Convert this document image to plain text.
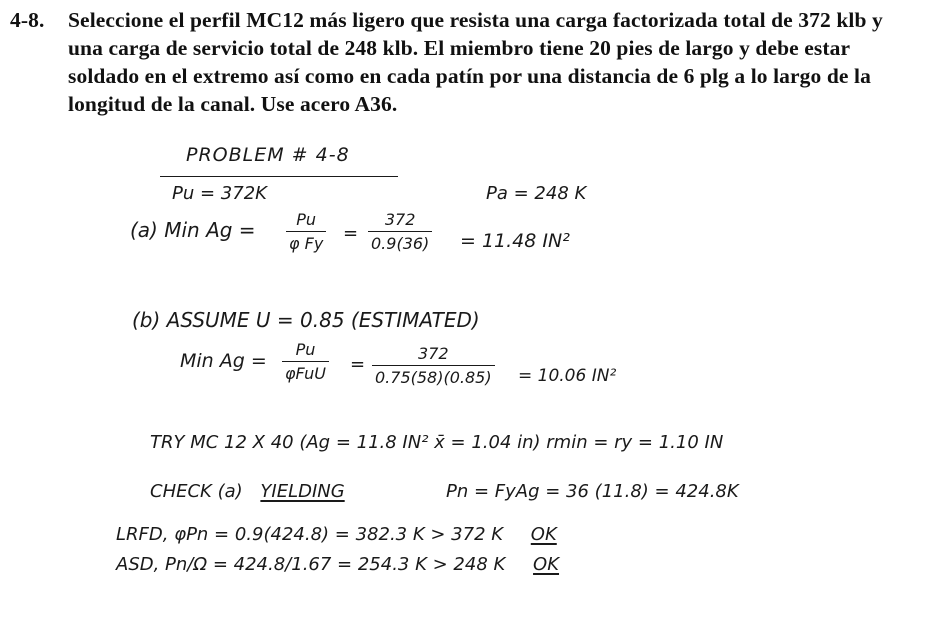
4-8. Seleccione el perfil MC12 más ligero que resista una carga factorizada total de 372 klb y una carga de servicio total de 248 klb. El miembro tiene 20 pies de largo y debe estar soldado en el extremo así como en cada patín por una distancia de 6 plg a lo largo de la longitud de la canal. Use acero A36.
PROBLEM # 4-8
Pu = 372K	Pa = 248 K
(a) Min $Ag = \frac{Pu}{\text{φ Fy}} = \frac{372}{0.9(36)} = 11.48$ IN²
(b) ASSUME U = 0.85 (ESTIMATED)
Min Ag =
Pu
$\varphi FuU = \frac{372}{0.75(58)(0.85)} = 10.06$ IN²
TRY MC 12 X 40 (Ag = 11.8 IN² x̄ = 1.04 in) rmin = ry = 1.10 IN
CHECK (a) YIELDING	Pn = FyAg = 36 (11.8) = 424.8K
LRFD, φPn = 0.9(424.8) = 382.3 K > 372 K OK
ASD, Pn/Ω = 424.8/1.67 = 254.3 K > 248 K OK
